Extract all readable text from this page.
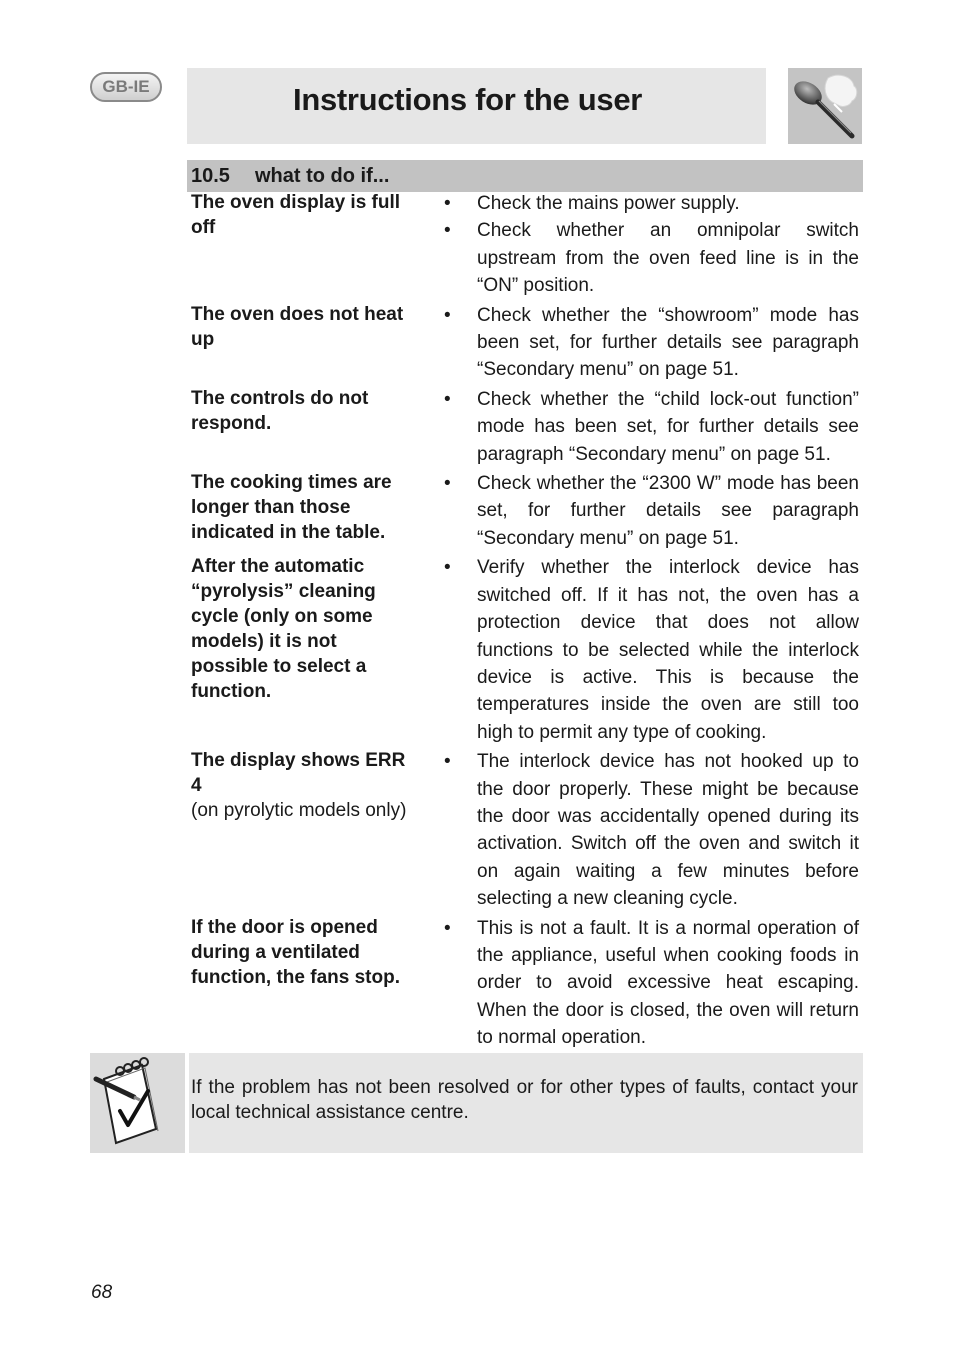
GB-IE	Instructions for the user
10.5	what to do if...
The oven display is full off
•	Check the mains power supply.
•	Check whether an omnipolar switch upstream from the oven feed line is in the “ON” position.
The oven does not heat up
•	Check whether the “showroom” mode has been set, for further details see paragraph “Secondary menu” on page 51.
The controls do not respond.
•	Check whether the “child lock-out function” mode has been set, for further details see paragraph “Secondary menu” on page 51.
The cooking times are longer than those indicated in the table.
•	Check whether the “2300 W” mode has been set, for further details see paragraph “Secondary menu” on page 51.
After the automatic “pyrolysis” cleaning cycle (only on some models) it is not possible to select a function.
•	Verify whether the interlock device has switched off. If it has not, the oven has a protection device that does not allow functions to be selected while the interlock device is active. This is because the temperatures inside the oven are still too high to permit any type of cooking.
The display shows ERR 4
(on pyrolytic models only)
•	The interlock device has not hooked up to the door properly. These might be because the door was accidentally opened during its activation. Switch off the oven and switch it on again waiting a few minutes before selecting a new cleaning cycle.
If the door is opened during a ventilated function, the fans stop.
•	This is not a fault. It is a normal operation of the appliance, useful when cooking foods in order to avoid excessive heat escaping. When the door is closed, the oven will return to normal operation.
If the problem has not been resolved or for other types of faults, contact your local technical assistance centre.
68
